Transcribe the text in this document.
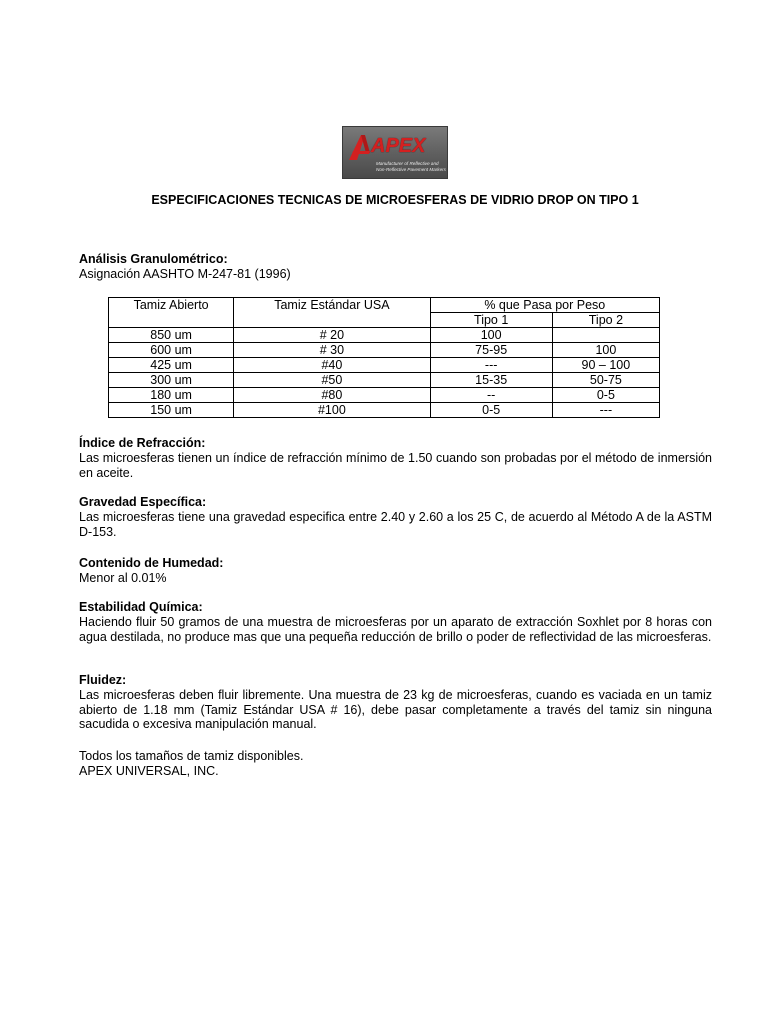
APEX
Manufacturer of Reflective and
Non-Reflective Pavement Markers
ESPECIFICACIONES TECNICAS DE MICROESFERAS DE VIDRIO DROP ON TIPO 1
Análisis Granulométrico:

Asignación AASHTO M-247-81 (1996)

Tamiz Abierto	Tamiz Estándar USA	% que Pasa por Peso	
		Tipo 1	Tipo 2
850 um	# 20	100	
600 um	# 30	75-95	100
425 um	#40	---	90 – 100
300 um	#50	15-35	50-75
180 um	#80	--	0-5
150 um	#100	0-5	---
Índice de Refracción:

Las microesferas tienen un índice de refracción mínimo de 1.50 cuando son probadas por el método de inmersión en aceite.

Gravedad Específica:

Las microesferas tiene una gravedad especifica entre 2.40 y 2.60 a los 25 C, de acuerdo al Método A de la ASTM D-153.

Contenido de Humedad:

Menor al 0.01%

Estabilidad Química:

Haciendo fluir 50 gramos de una muestra de microesferas por un aparato de extracción Soxhlet por 8 horas con agua destilada, no produce mas que una pequeña reducción de brillo o poder de reflectividad de las microesferas.

Fluidez:

Las microesferas deben fluir libremente. Una muestra de 23 kg de microesferas, cuando es vaciada en un tamiz abierto de 1.18 mm (Tamiz Estándar USA # 16), debe pasar completamente a través del tamiz sin ninguna sacudida o excesiva manipulación manual.

Todos los tamaños de tamiz disponibles.

APEX UNIVERSAL, INC.
